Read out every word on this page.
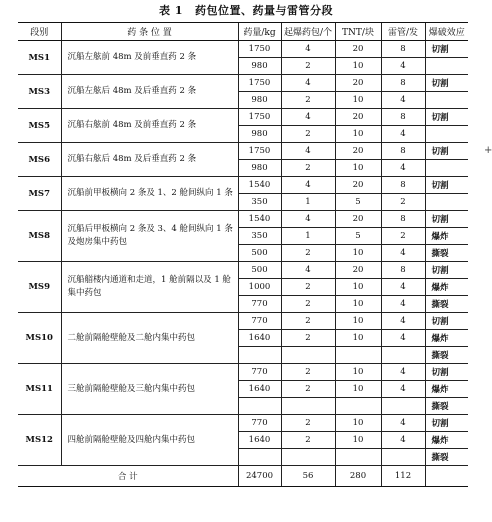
表 1 药包位置、药量与雷管分段
段别	药 条 位 置	药量/kg	起爆药包/个	TNT/块	雷管/发	爆破效应
MS1	沉船左舷前 48m 及前垂直药 2 条	1750	4	20	8	切割
		980	2	10	4	
MS3	沉船左舷后 48m 及后垂直药 2 条	1750	4	20	8	切割
		980	2	10	4	
MS5	沉船右舷前 48m 及前垂直药 2 条	1750	4	20	8	切割
		980	2	10	4	
MS6	沉船右舷后 48m 及后垂直药 2 条	1750	4	20	8	切割
		980	2	10	4	
MS7	沉船前甲板横向 2 条及 1、2 舱间纵向 1 条	1540	4	20	8	切割
		350	1	5	2	
MS8	沉船后甲板横向 2 条及 3、4 舱间纵向 1 条及炮房集中药包	1540	4	20	8	切割
		350	1	5	2	爆炸
		500	2	10	4	撕裂
MS9	沉船艏楼内通道和走道，1 舱前隔以及 1 舱集中药包	500	4	20	8	切割
		1000	2	10	4	爆炸
		770	2	10	4	撕裂
MS10	二舱前隔舱壁舱及二舱内集中药包	770	2	10	4	切割
		1640	2	10	4	爆炸
						撕裂
MS11	三舱前隔舱壁舱及三舱内集中药包	770	2	10	4	切割
		1640	2	10	4	爆炸
						撕裂
MS12	四舱前隔舱壁舱及四舱内集中药包	770	2	10	4	切割
		1640	2	10	4	爆炸
						撕裂
合 计		24700	56	280	112	
+
